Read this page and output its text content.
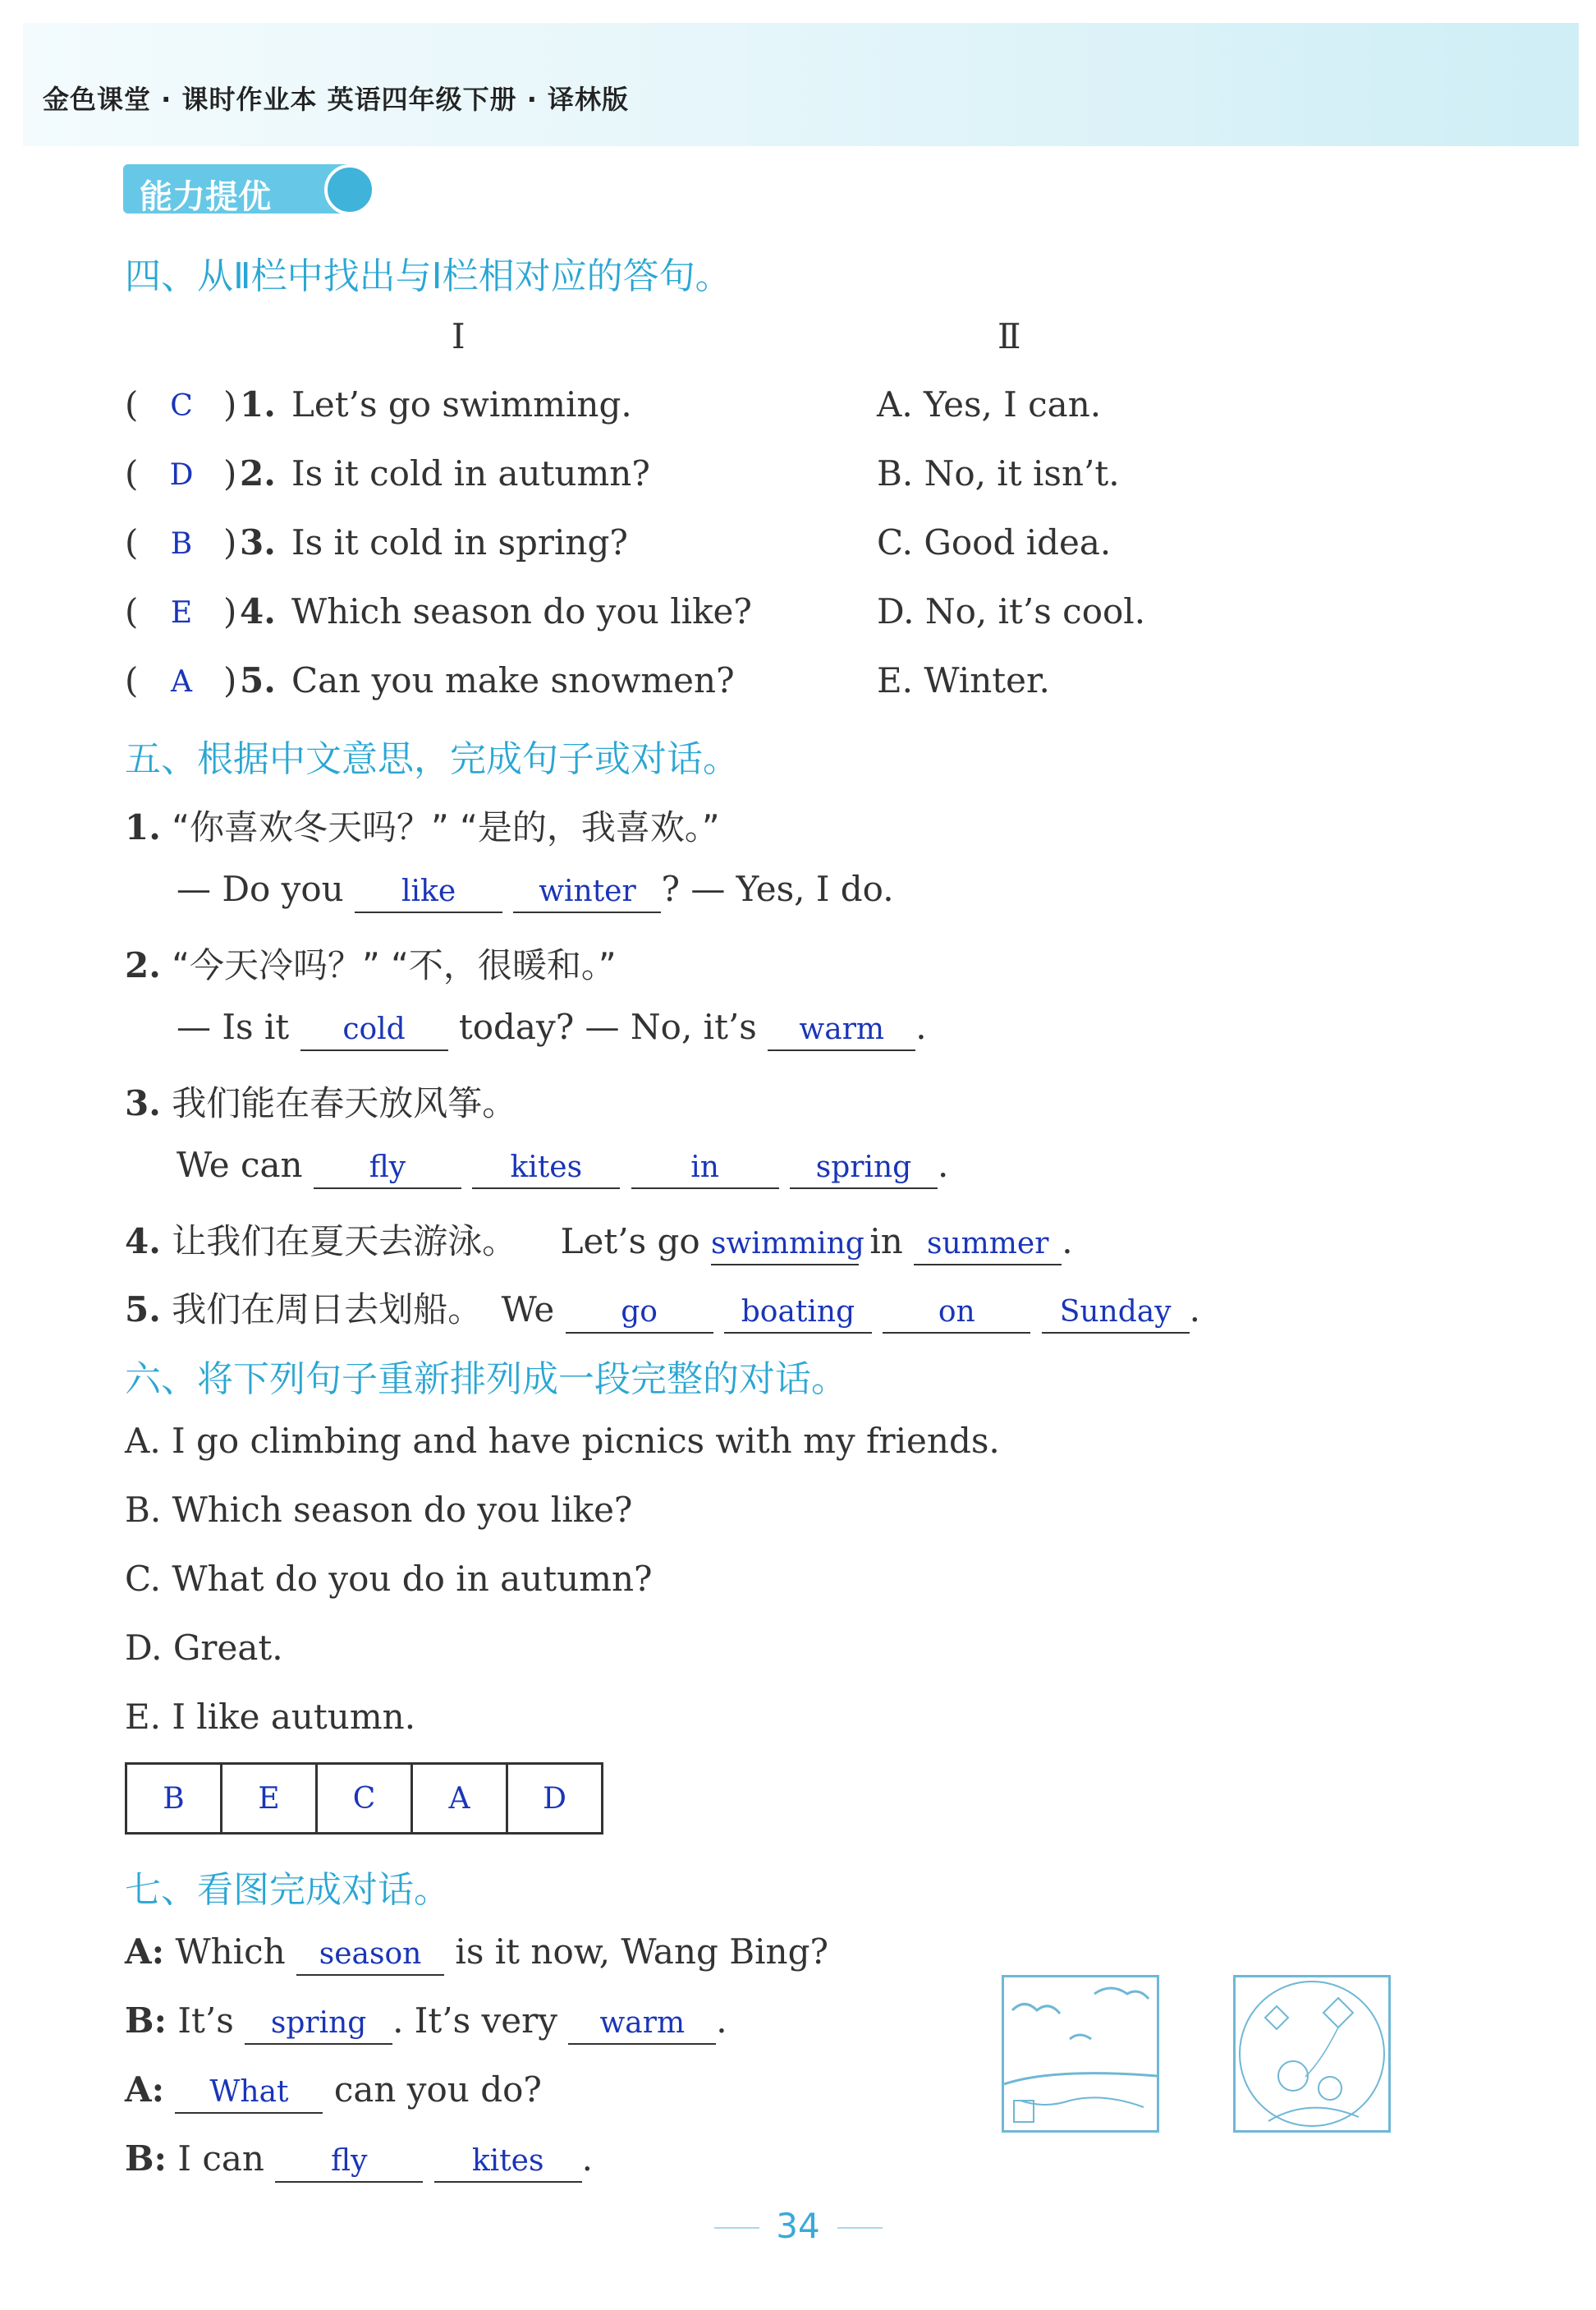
金色课堂 · 课时作业本 英语四年级下册 · 译林版
能力提优
四、从Ⅱ栏中找出与Ⅰ栏相对应的答句。
Ⅰ	Ⅱ
(	C ) 1. Let’s go swimming.	A. Yes, I can.
(	D ) 2. Is it cold in autumn?	B. No, it isn’t.
(	B ) 3. Is it cold in spring?	C. Good idea.
(	E ) 4. Which season do you like?	D. No, it’s cool.
(	A ) 5. Can you make snowmen?	E. Winter.
五、根据中文意思，完成句子或对话。
1. “你喜欢冬天吗？” “是的，我喜欢。”
— Do you like	winter ? — Yes, I do.
2. “今天冷吗？” “不，很暖和。”
— Is it cold today? — No, it’s warm .
3. 我们能在春天放风筝。
We can fly	kites	in	spring .
4. 让我们在夏天去游泳。 Let’s go swimming in summer .
5. 我们在周日去划船。 We go	boating	on	Sunday .
六、将下列句子重新排列成一段完整的对话。
A. I go climbing and have picnics with my friends.
B. Which season do you like?
C. What do you do in autumn?
D. Great.
E. I like autumn.
B	E	C	A	D
七、看图完成对话。
A: Which season is it now, Wang Bing?
B: It’s spring . It’s very warm .
A: What can you do?
B: I can fly	kites .
34
